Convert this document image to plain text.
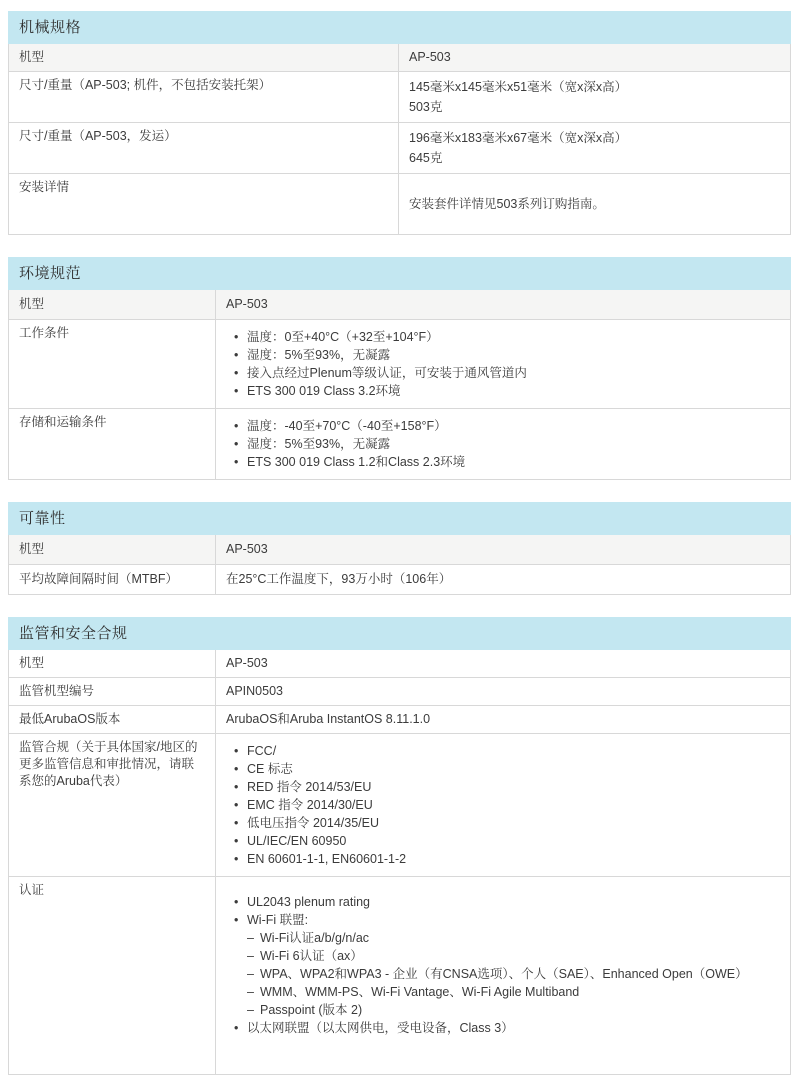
机械规格
机型	AP-503
尺寸/重量（AP-503; 机件，不包括安装托架）	145毫米x145毫米x51毫米（宽x深x高）
503克

尺寸/重量（AP-503，发运）	196毫米x183毫米x67毫米（宽x深x高）
645克

安装详情	安装套件详情见503系列订购指南。
环境规范
机型	AP-503
工作条件	
•温度：0至+40°C（+32至+104°F）
• 湿度：5%至93%，无凝露
• 接入点经过Plenum等级认证，可安装于通风管道内
• ETS 300 019 Class 3.2环境

存储和运输条件	
•温度：-40至+70°C（-40至+158°F）
• 湿度：5%至93%，无凝露
• ETS 300 019 Class 1.2和Class 2.3环境
可靠性
机型	AP-503
平均故障间隔时间（MTBF）	在25°C工作温度下，93万小时（106年）
监管和安全合规
机型	AP-503
监管机型编号	APIN0503
最低ArubaOS版本	ArubaOS和Aruba InstantOS 8.11.1.0
监管合规（关于具体国家/地区的更多监管信息和审批情况，请联系您的Aruba代表）	
• FCC/
• CE 标志
• RED 指令 2014/53/EU
• EMC 指令 2014/30/EU
• 低电压指令 2014/35/EU
• UL/IEC/EN 60950
• EN 60601-1-1, EN60601-1-2

认证	
• UL2043 plenum rating
• Wi-Fi 联盟:
– Wi-Fi认证a/b/g/n/ac
– Wi-Fi 6认证（ax）
– WPA、WPA2和WPA3 - 企业（有CNSA选项）、个人（SAE）、Enhanced Open（OWE）
– WMM、WMM-PS、Wi-Fi Vantage、Wi-Fi Agile Multiband
– Passpoint (版本 2)
• 以太网联盟（以太网供电，受电设备，Class 3）
